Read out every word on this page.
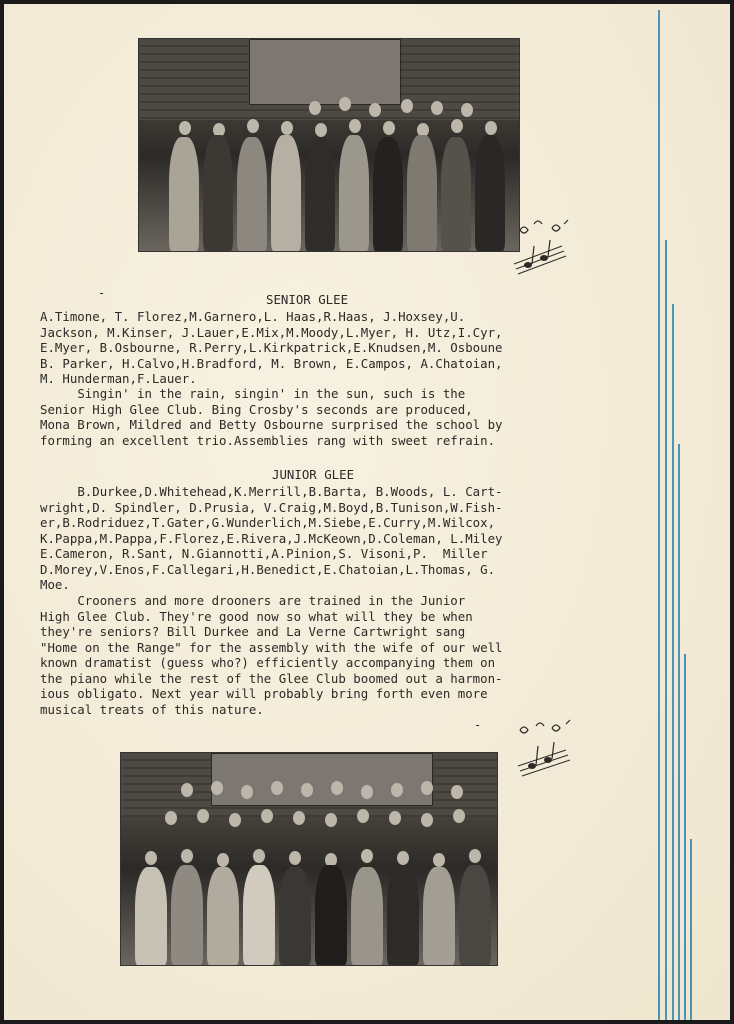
-	SENIOR GLEE
A.Timone, T. Florez,M.Garnero,L. Haas,R.Haas, J.Hoxsey,U.
Jackson, M.Kinser, J.Lauer,E.Mix,M.Moody,L.Myer, H. Utz,I.Cyr,
E.Myer, B.Osbourne, R.Perry,L.Kirkpatrick,E.Knudsen,M. Osboune
B. Parker, H.Calvo,H.Bradford, M. Brown, E.Campos, A.Chatoian,
M. Hunderman,F.Lauer.
Singin' in the rain, singin' in the sun, such is the
Senior High Glee Club. Bing Crosby's seconds are produced,
Mona Brown, Mildred and Betty Osbourne surprised the school by
forming an excellent trio.Assemblies rang with sweet refrain.
JUNIOR GLEE
B.Durkee,D.Whitehead,K.Merrill,B.Barta, B.Woods, L. Cart-
wright,D. Spindler, D.Prusia, V.Craig,M.Boyd,B.Tunison,W.Fish-
er,B.Rodriduez,T.Gater,G.Wunderlich,M.Siebe,E.Curry,M.Wilcox,
K.Pappa,M.Pappa,F.Florez,E.Rivera,J.McKeown,D.Coleman, L.Miley
E.Cameron, R.Sant, N.Giannotti,A.Pinion,S. Visoni,P.  Miller
D.Morey,V.Enos,F.Callegari,H.Benedict,E.Chatoian,L.Thomas, G.
Moe.
Crooners and more drooners are trained in the Junior
High Glee Club. They're good now so what will they be when
they're seniors? Bill Durkee and La Verne Cartwright sang
"Home on the Range" for the assembly with the wife of our well
known dramatist (guess who?) efficiently accompanying them on
the piano while the rest of the Glee Club boomed out a harmon-
ious obligato. Next year will probably bring forth even more
musical treats of this nature.
-
